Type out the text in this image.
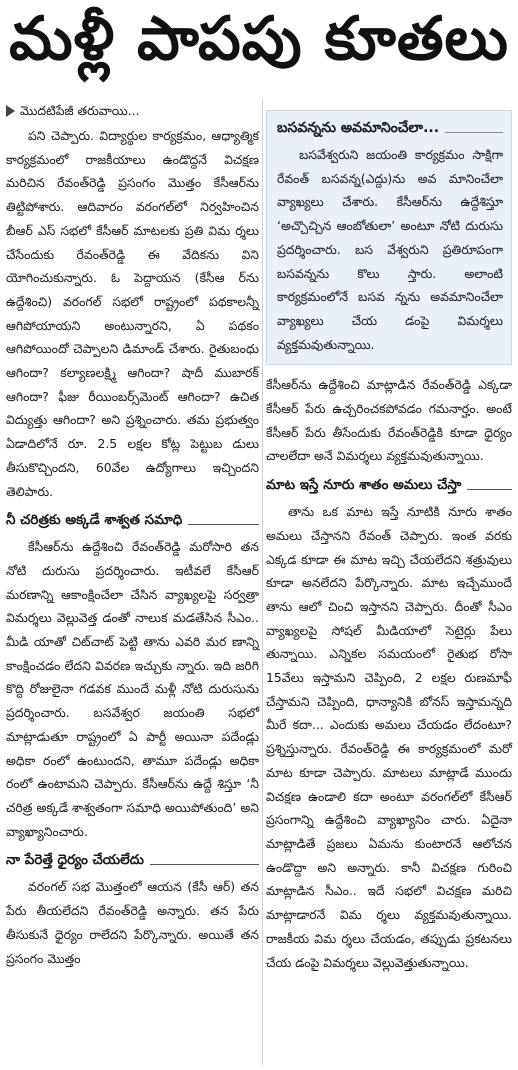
మళ్లీ పాపపు కూతలు
మొదటిపేజీ తరువాయి...

పని చెప్పారు. విద్యార్థుల కార్యక్రమం, ఆధ్యాత్మిక కార్యక్రమంలో రాజకీయాలు ఉండొద్దనే విచక్షణ మరిచిన రేవంత్‌రెడ్డి ప్రసంగం మొత్తం కేసీఆర్‌ను తిట్టిపోశారు. ఆదివారం వరంగల్‌లో నిర్వహించిన బీఆర్ ఎస్ సభలో కేసీఆర్ మాటలకు ప్రతి విమ ర్శలు చేసేందుకు రేవంత్‌రెడ్డి ఈ వేదికను విని యోగించుకున్నారు. ఓ పెద్దాయన (కేసీఆ ర్‌ను ఉద్దేశించి) వరంగల్ సభలో రాష్ట్రంలో పథకాలన్నీ ఆగిపోయాయని అంటున్నారని, ఏ పథకం ఆగిపోయిందో చెప్పాలని డిమాండ్ చేశారు. రైతుబంధు ఆగిందా? కల్యాణలక్ష్మి ఆగిందా? షాదీ ముబారక్ ఆగిందా? ఫీజు రీయింబర్స్‌మెంట్ ఆగిందా? ఉచిత విద్యుత్తు ఆగిందా? అని ప్రశ్నించారు. తమ ప్రభుత్వం ఏడాదిలోనే రూ. 2.5 లక్షల కోట్ల పెట్టుబ డులు తీసుకొచ్చిందని, 60వేల ఉద్యోగాలు ఇచ్చిందని తెలిపారు.

నీ చరిత్రకు అక్కడే శాశ్వత సమాధి

కేసీఆర్‌ను ఉద్దేశించి రేవంత్‌రెడ్డి మరోసారి తన నోటి దురుసు ప్రదర్శించారు. ఇటీవలే కేసీఆర్ మరణాన్ని ఆకాంక్షించేలా చేసిన వ్యాఖ్యలపై సర్వత్రా విమర్శలు వెల్లువెత్త డంతో నాలుక మడతేసిన సీఎం.. మీడి యాతో చిట్‌చాట్ పెట్టి తాను ఎవరి మర ణాన్ని కాంక్షించడం లేదని వివరణ ఇచ్చుకు న్నారు. ఇది జరిగి కొద్ది రోజులైనా గడవక ముందే మళ్లీ నోటి దురుసును ప్రదర్శించారు. బసవేశ్వర జయంతి సభలో మాట్లాడుతూ రాష్ట్రంలో ఏ పార్టీ అయినా పదేండ్లు అధికా రంలో ఉంటుందని, తామూ పదేండ్లు అధికా రంలో ఉంటామని చెప్పారు. కేసీఆర్‌ను ఉద్దే శిస్తూ ‘నీ చరిత్ర అక్కడే శాశ్వతంగా సమాధి అయిపోతుంది’ అని వ్యాఖ్యానించారు.

నా పేరెత్తే ధైర్యం చేయలేదు

వరంగల్ సభ మొత్తంలో ఆయన (కేసీ ఆర్) తన పేరు తీయలేదని రేవంత్‌రెడ్డి అన్నారు. తన పేరు తీసుకునే ధైర్యం రాలేదని పేర్కొన్నారు. అయితే తన ప్రసంగం మొత్తం

బసవన్నను అవమానించేలా...

బసవేశ్వరుని జయంతి కార్యక్రమం సాక్షిగా రేవంత్ బసవన్న(ఎద్దు)ను అవ మానించేలా వ్యాఖ్యలు చేశారు. కేసీఆర్‌ను ఉద్దేశిస్తూ ‘అచ్చొచ్చిన ఆంబోతులా’ అంటూ నోటి దురుసు ప్రదర్శించారు. బస వేశ్వరుని ప్రతిరూపంగా బసవన్నను కొలు స్తారు. అలాంటి కార్యక్రమంలోనే బసవ న్నను అవమానించేలా వ్యాఖ్యలు చేయ డంపై విమర్శలు వ్యక్తమవుతున్నాయి.

కేసీఆర్‌ను ఉద్దేశించి మాట్లాడిన రేవంత్‌రెడ్డి ఎక్కడా కేసీఆర్ పేరు ఉచ్చరించకపోవడం గమనార్హం. అంటే కేసీఆర్ పేరు తీసేందుకు రేవంత్‌రెడ్డికి కూడా ధైర్యం చాలలేదా అనే విమర్శలు వ్యక్తమవుతున్నాయి.

మాట ఇస్తే నూరు శాతం అమలు చేస్తా

తాను ఒక మాట ఇస్తే నూటికి నూరు శాతం అమలు చేస్తానని రేవంత్ చెప్పారు. ఇంత వరకు ఎక్కడ కూడా ఈ మాట ఇచ్చి చేయలేదని శత్రువులు కూడా అనలేదని పేర్కొన్నారు. మాట ఇచ్చేముందే తాను ఆలో చించి ఇస్తానని చెప్పారు. దీంతో సీఎం వ్యాఖ్యలపై సోషల్ మీడియాలో సెటైర్లు పేలు తున్నాయి. ఎన్నికల సమయంలో రైతుభ రోసా 15వేలు ఇస్తామని చెప్పింది, 2 లక్షల రుణమాఫీ చేస్తామని చెప్పింది, ధాన్యానికి బోనస్ ఇస్తామన్నది మీరే కదా... ఎందుకు అమలు చేయడం లేదంటూ? ప్రశ్నిస్తున్నారు. రేవంత్‌రెడ్డి ఈ కార్యక్రమంలో మరో మాట కూడా చెప్పారు. మాటలు మాట్లాడే ముందు విచక్షణ ఉండాలి కదా అంటూ వరంగల్‌లో కేసీఆర్ ప్రసంగాన్ని ఉద్దేశించి వ్యాఖ్యానిం చారు. ఏదైనా మాట్లాడితే ప్రజలు ఏమను కుంటారనే ఆలోచన ఉండొద్దా అని అన్నారు. కానీ విచక్షణ గురించి మాట్లాడిన సీఎం.. ఇదే సభలో విచక్షణ మరిచి మాట్లాడారనే విమ ర్శలు వ్యక్తమవుతున్నాయి. రాజకీయ విమ ర్శలు చేయడం, తప్పుడు ప్రకటనలు చేయ డంపై విమర్శలు వెల్లువెత్తుతున్నాయి.
